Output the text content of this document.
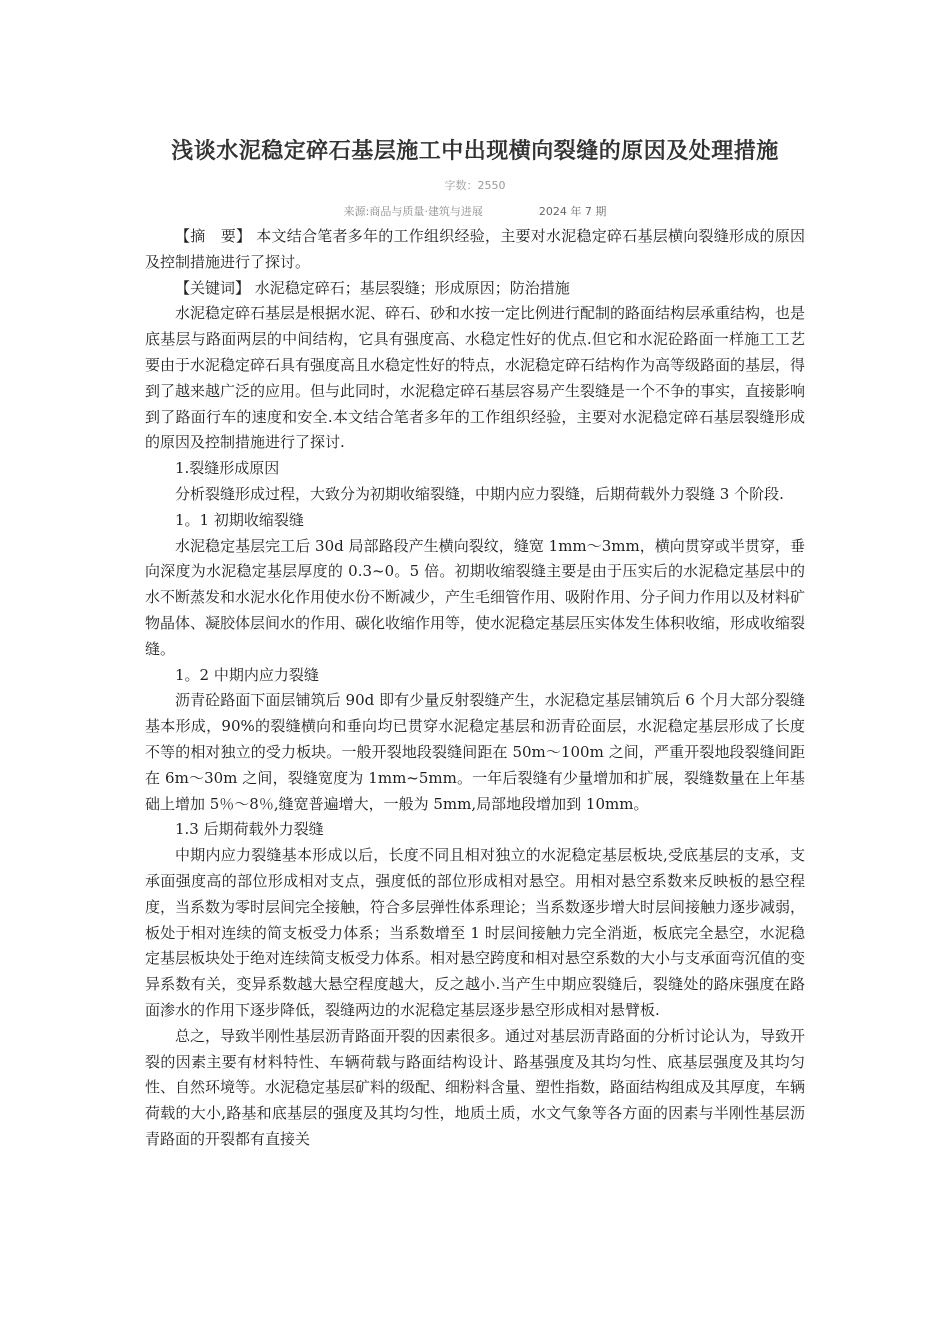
浅谈水泥稳定碎石基层施工中出现横向裂缝的原因及处理措施
字数：2550
来源:商品与质量·建筑与进展	2024 年 7 期

【摘　要】 本文结合笔者多年的工作组织经验，主要对水泥稳定碎石基层横向裂缝形成的原因及控制措施进行了探讨。

【关键词】 水泥稳定碎石；基层裂缝；形成原因；防治措施

水泥稳定碎石基层是根据水泥、碎石、砂和水按一定比例进行配制的路面结构层承重结构，也是底基层与路面两层的中间结构，它具有强度高、水稳定性好的优点.但它和水泥砼路面一样施工工艺要由于水泥稳定碎石具有强度高且水稳定性好的特点，水泥稳定碎石结构作为高等级路面的基层，得到了越来越广泛的应用。但与此同时，水泥稳定碎石基层容易产生裂缝是一个不争的事实，直接影响到了路面行车的速度和安全.本文结合笔者多年的工作组织经验，主要对水泥稳定碎石基层裂缝形成的原因及控制措施进行了探讨.

1.裂缝形成原因

分析裂缝形成过程，大致分为初期收缩裂缝，中期内应力裂缝，后期荷载外力裂缝 3 个阶段.

1。1 初期收缩裂缝

水泥稳定基层完工后 30d 局部路段产生横向裂纹，缝宽 1mm～3mm，横向贯穿或半贯穿，垂向深度为水泥稳定基层厚度的 0.3~0。5 倍。初期收缩裂缝主要是由于压实后的水泥稳定基层中的水不断蒸发和水泥水化作用使水份不断减少，产生毛细管作用、吸附作用、分子间力作用以及材料矿物晶体、凝胶体层间水的作用、碳化收缩作用等，使水泥稳定基层压实体发生体积收缩，形成收缩裂缝。

1。2 中期内应力裂缝

沥青砼路面下面层铺筑后 90d 即有少量反射裂缝产生，水泥稳定基层铺筑后 6 个月大部分裂缝基本形成，90%的裂缝横向和垂向均已贯穿水泥稳定基层和沥青砼面层，水泥稳定基层形成了长度不等的相对独立的受力板块。一般开裂地段裂缝间距在 50m～100m 之间，严重开裂地段裂缝间距在 6m～30m 之间，裂缝宽度为 1mm~5mm。一年后裂缝有少量增加和扩展，裂缝数量在上年基础上增加 5％～8％,缝宽普遍增大，一般为 5mm,局部地段增加到 10mm。

1.3 后期荷载外力裂缝

中期内应力裂缝基本形成以后，长度不同且相对独立的水泥稳定基层板块,受底基层的支承，支承面强度高的部位形成相对支点，强度低的部位形成相对悬空。用相对悬空系数来反映板的悬空程度，当系数为零时层间完全接触，符合多层弹性体系理论；当系数逐步增大时层间接触力逐步减弱，板处于相对连续的简支板受力体系；当系数增至 1 时层间接触力完全消逝，板底完全悬空，水泥稳定基层板块处于绝对连续简支板受力体系。相对悬空跨度和相对悬空系数的大小与支承面弯沉值的变异系数有关，变异系数越大悬空程度越大，反之越小.当产生中期应裂缝后，裂缝处的路床强度在路面渗水的作用下逐步降低，裂缝两边的水泥稳定基层逐步悬空形成相对悬臂板.

总之，导致半刚性基层沥青路面开裂的因素很多。通过对基层沥青路面的分析讨论认为，导致开裂的因素主要有材料特性、车辆荷载与路面结构设计、路基强度及其均匀性、底基层强度及其均匀性、自然环境等。水泥稳定基层矿料的级配、细粉料含量、塑性指数，路面结构组成及其厚度，车辆荷载的大小,路基和底基层的强度及其均匀性，地质土质，水文气象等各方面的因素与半刚性基层沥青路面的开裂都有直接关
